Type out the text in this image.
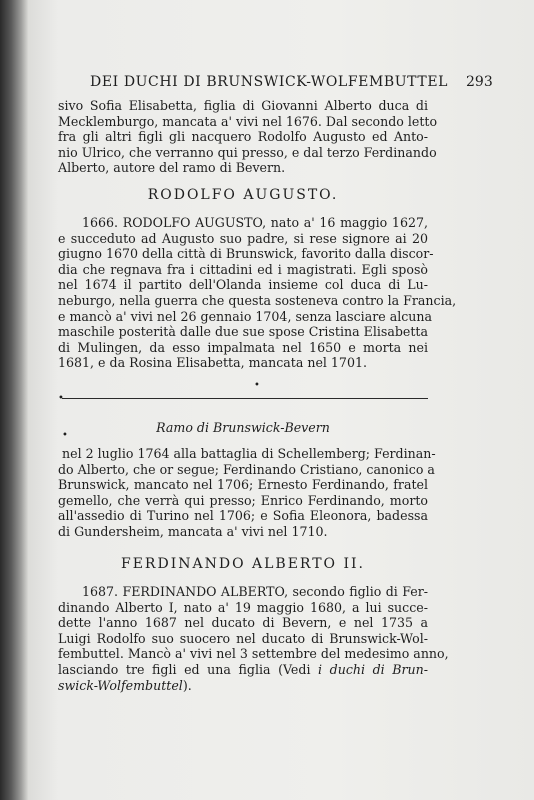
DEI DUCHI DI BRUNSWICK-WOLFEMBUTTEL 293
sivo Sofia Elisabetta, figlia di Giovanni Alberto duca di
Mecklemburgo, mancata a' vivi nel 1676. Dal secondo letto
fra gli altri figli gli nacquero Rodolfo Augusto ed Anto-
nio Ulrico, che verranno qui presso, e dal terzo Ferdinando
Alberto, autore del ramo di Bevern.
RODOLFO AUGUSTO.
1666. RODOLFO AUGUSTO, nato a' 16 maggio 1627,
e succeduto ad Augusto suo padre, si rese signore ai 20
giugno 1670 della città di Brunswick, favorito dalla discor-
dia che regnava fra i cittadini ed i magistrati. Egli sposò
nel 1674 il partito dell'Olanda insieme col duca di Lu-
neburgo, nella guerra che questa sosteneva contro la Francia,
e mancò a' vivi nel 26 gennaio 1704, senza lasciare alcuna
maschile posterità dalle due sue spose Cristina Elisabetta
di Mulingen, da esso impalmata nel 1650 e morta nei
1681, e da Rosina Elisabetta, mancata nel 1701.
•
•
Ramo di Brunswick-Bevern
•
nel 2 luglio 1764 alla battaglia di Schellemberg; Ferdinan-
do Alberto, che or segue; Ferdinando Cristiano, canonico a
Brunswick, mancato nel 1706; Ernesto Ferdinando, fratel
gemello, che verrà qui presso; Enrico Ferdinando, morto
all'assedio di Turino nel 1706; e Sofia Eleonora, badessa
di Gundersheim, mancata a' vivi nel 1710.
FERDINANDO ALBERTO II.
1687. FERDINANDO ALBERTO, secondo figlio di Fer-
dinando Alberto I, nato a' 19 maggio 1680, a lui succe-
dette l'anno 1687 nel ducato di Bevern, e nel 1735 a
Luigi Rodolfo suo suocero nel ducato di Brunswick-Wol-
fembuttel. Mancò a' vivi nel 3 settembre del medesimo anno,
lasciando tre figli ed una figlia (Vedi i duchi di Brun-
swick-Wolfembuttel).
